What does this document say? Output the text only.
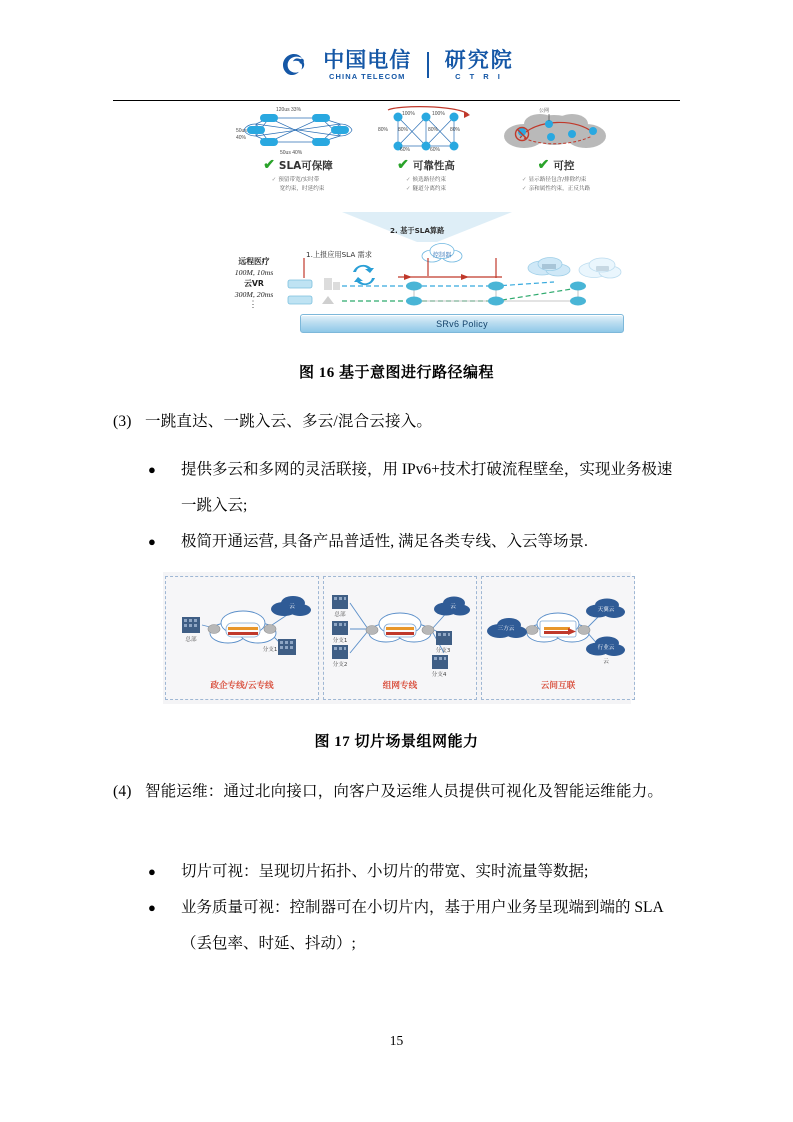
中国电信
CHINA TELECOM
研究院
C T R I
120us 33%
50us
40%
50us 40%
✔ SLA可保障
✓ 预留带宽/实时带
宽约束，时延约束
100%	100%
80% 80%	80% 80%
60%	60%
✔ 可靠性高
✓ 候选路径约束
✓ 隧道分离约束
公网
✔ 可控
✓ 显示路径包含/排除约束
✓ 亲和属性约束，正反共路
2. 基于SLA算路
1.上报应用SLA 需求	控制器
远程医疗
100M, 10ms
云VR
300M, 20ms
⋮
SRv6 Policy
图 16 基于意图进行路径编程
(3) 一跳直达、一跳入云、多云/混合云接入。
● 提供多云和多网的灵活联接，用 IPv6+技术打破流程壁垒，实现业务极速一跳入云;
● 极简开通运营, 具备产品普适性, 满足各类专线、入云等场景.
云
总部
分支1
政企专线/云专线
云
总部
分支1
分支2
分支3
分支4
组网专线
三方云
天翼云
行业云
云
云间互联
图 17 切片场景组网能力
(4) 智能运维：通过北向接口，向客户及运维人员提供可视化及智能运维能力。
● 切片可视：呈现切片拓扑、小切片的带宽、实时流量等数据;
● 业务质量可视：控制器可在小切片内，基于用户业务呈现端到端的 SLA（丢包率、时延、抖动）;
15
